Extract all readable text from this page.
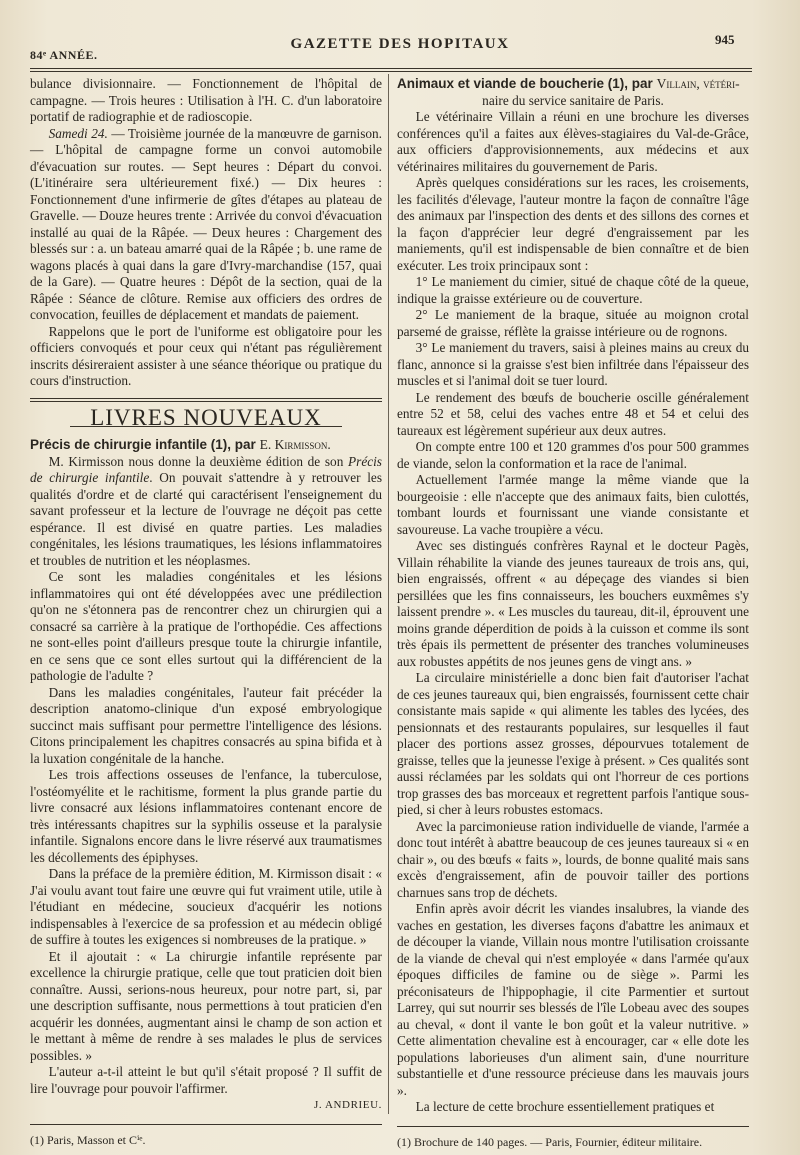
84ᵉ ANNÉE.
GAZETTE DES HOPITAUX	945

bulance divisionnaire. — Fonctionnement de l'hôpital de campagne. — Trois heures : Utilisation à l'H. C. d'un laboratoire portatif de radiographie et de radioscopie.

Samedi 24. — Troisième journée de la manœuvre de garnison. — L'hôpital de campagne forme un convoi automobile d'évacuation sur routes. — Sept heures : Départ du convoi. (L'itinéraire sera ultérieurement fixé.) — Dix heures : Fonctionnement d'une infirmerie de gîtes d'étapes au plateau de Gravelle. — Douze heures trente : Arrivée du convoi d'évacuation installé au quai de la Râpée. — Deux heures : Chargement des blessés sur : a. un bateau amarré quai de la Râpée ; b. une rame de wagons placés à quai dans la gare d'Ivry-marchandise (157, quai de la Gare). — Quatre heures : Dépôt de la section, quai de la Râpée : Séance de clôture. Remise aux officiers des ordres de convocation, feuilles de déplacement et mandats de paiement.

Rappelons que le port de l'uniforme est obligatoire pour les officiers convoqués et pour ceux qui n'étant pas régulièrement inscrits désireraient assister à une séance théorique ou pratique du cours d'instruction.

LIVRES NOUVEAUX

Précis de chirurgie infantile (1), par E. Kirmisson.

M. Kirmisson nous donne la deuxième édition de son Précis de chirurgie infantile. On pouvait s'attendre à y retrouver les qualités d'ordre et de clarté qui caractérisent l'enseignement du savant professeur et la lecture de l'ouvrage ne déçoit pas cette espérance. Il est divisé en quatre parties. Les maladies congénitales, les lésions traumatiques, les lésions inflammatoires et troubles de nutrition et les néoplasmes.

Ce sont les maladies congénitales et les lésions inflammatoires qui ont été développées avec une prédilection qu'on ne s'étonnera pas de rencontrer chez un chirurgien qui a consacré sa carrière à la pratique de l'orthopédie. Ces affections ne sont-elles point d'ailleurs presque toute la chirurgie infantile, en ce sens que ce sont elles surtout qui la différencient de la pathologie de l'adulte ?

Dans les maladies congénitales, l'auteur fait précéder la description anatomo-clinique d'un exposé embryologique succinct mais suffisant pour permettre l'intelligence des lésions. Citons principalement les chapitres consacrés au spina bifida et à la luxation congénitale de la hanche.

Les trois affections osseuses de l'enfance, la tuberculose, l'ostéomyélite et le rachitisme, forment la plus grande partie du livre consacré aux lésions inflammatoires contenant encore de très intéressants chapitres sur la syphilis osseuse et la paralysie infantile. Signalons encore dans le livre réservé aux traumatismes les décollements des épiphyses.

Dans la préface de la première édition, M. Kirmisson disait : « J'ai voulu avant tout faire une œuvre qui fut vraiment utile, utile à l'étudiant en médecine, soucieux d'acquérir les notions indispensables à l'exercice de sa profession et au médecin obligé de suffire à toutes les exigences si nombreuses de la pratique. »

Et il ajoutait : « La chirurgie infantile représente par excellence la chirurgie pratique, celle que tout praticien doit bien connaître. Aussi, serions-nous heureux, pour notre part, si, par une description suffisante, nous permettions à tout praticien d'en acquérir les données, augmentant ainsi le champ de son action et le mettant à même de rendre à ses malades le plus de services possibles. »

L'auteur a-t-il atteint le but qu'il s'était proposé ? Il suffit de lire l'ouvrage pour pouvoir l'affirmer.

J. ANDRIEU.

(1) Paris, Masson et Cⁱᵉ.

Animaux et viande de boucherie (1), par Villain, vétéri-

naire du service sanitaire de Paris.

Le vétérinaire Villain a réuni en une brochure les diverses conférences qu'il a faites aux élèves-stagiaires du Val-de-Grâce, aux officiers d'approvisionnements, aux médecins et aux vétérinaires militaires du gouvernement de Paris.

Après quelques considérations sur les races, les croisements, les facilités d'élevage, l'auteur montre la façon de connaître l'âge des animaux par l'inspection des dents et des sillons des cornes et la façon d'apprécier leur degré d'engraissement par les maniements, qu'il est indispensable de bien connaître et de bien exécuter. Les troix principaux sont :

1° Le maniement du cimier, situé de chaque côté de la queue, indique la graisse extérieure ou de couverture.

2° Le maniement de la braque, située au moignon crotal parsemé de graisse, réflète la graisse intérieure ou de rognons.

3° Le maniement du travers, saisi à pleines mains au creux du flanc, annonce si la graisse s'est bien infiltrée dans l'épaisseur des muscles et si l'animal doit se tuer lourd.

Le rendement des bœufs de boucherie oscille généralement entre 52 et 58, celui des vaches entre 48 et 54 et celui des taureaux est légèrement supérieur aux deux autres.

On compte entre 100 et 120 grammes d'os pour 500 grammes de viande, selon la conformation et la race de l'animal.

Actuellement l'armée mange la même viande que la bourgeoisie : elle n'accepte que des animaux faits, bien culottés, tombant lourds et fournissant une viande consistante et savoureuse. La vache troupière a vécu.

Avec ses distingués confrères Raynal et le docteur Pagès, Villain réhabilite la viande des jeunes taureaux de trois ans, qui, bien engraissés, offrent « au dépeçage des viandes si bien persillées que les fins connaisseurs, les bouchers euxmêmes s'y laissent prendre ». « Les muscles du taureau, dit-il, éprouvent une moins grande déperdition de poids à la cuisson et comme ils sont très épais ils permettent de présenter des tranches volumineuses aux robustes appétits de nos jeunes gens de vingt ans. »

La circulaire ministérielle a donc bien fait d'autoriser l'achat de ces jeunes taureaux qui, bien engraissés, fournissent cette chair consistante mais sapide « qui alimente les tables des lycées, des pensionnats et des restaurants populaires, sur lesquelles il faut placer des portions assez grosses, dépourvues totalement de graisse, telles que la jeunesse l'exige à présent. » Ces qualités sont aussi réclamées par les soldats qui ont l'horreur de ces portions trop grasses des bas morceaux et regrettent parfois l'antique sous-pied, si cher à leurs robustes estomacs.

Avec la parcimonieuse ration individuelle de viande, l'armée a donc tout intérêt à abattre beaucoup de ces jeunes taureaux si « en chair », ou des bœufs « faits », lourds, de bonne qualité mais sans excès d'engraissement, afin de pouvoir tailler des portions charnues sans trop de déchets.

Enfin après avoir décrit les viandes insalubres, la viande des vaches en gestation, les diverses façons d'abattre les animaux et de découper la viande, Villain nous montre l'utilisation croissante de la viande de cheval qui n'est employée « dans l'armée qu'aux époques difficiles de famine ou de siège ». Parmi les préconisateurs de l'hippophagie, il cite Parmentier et surtout Larrey, qui sut nourrir ses blessés de l'île Lobeau avec des soupes au cheval, « dont il vante le bon goût et la valeur nutritive. » Cette alimentation chevaline est à encourager, car « elle dote les populations laborieuses d'un aliment sain, d'une nourriture substantielle et d'une ressource précieuse dans les mauvais jours ».

La lecture de cette brochure essentiellement pratiques et

(1) Brochure de 140 pages. — Paris, Fournier, éditeur militaire.
